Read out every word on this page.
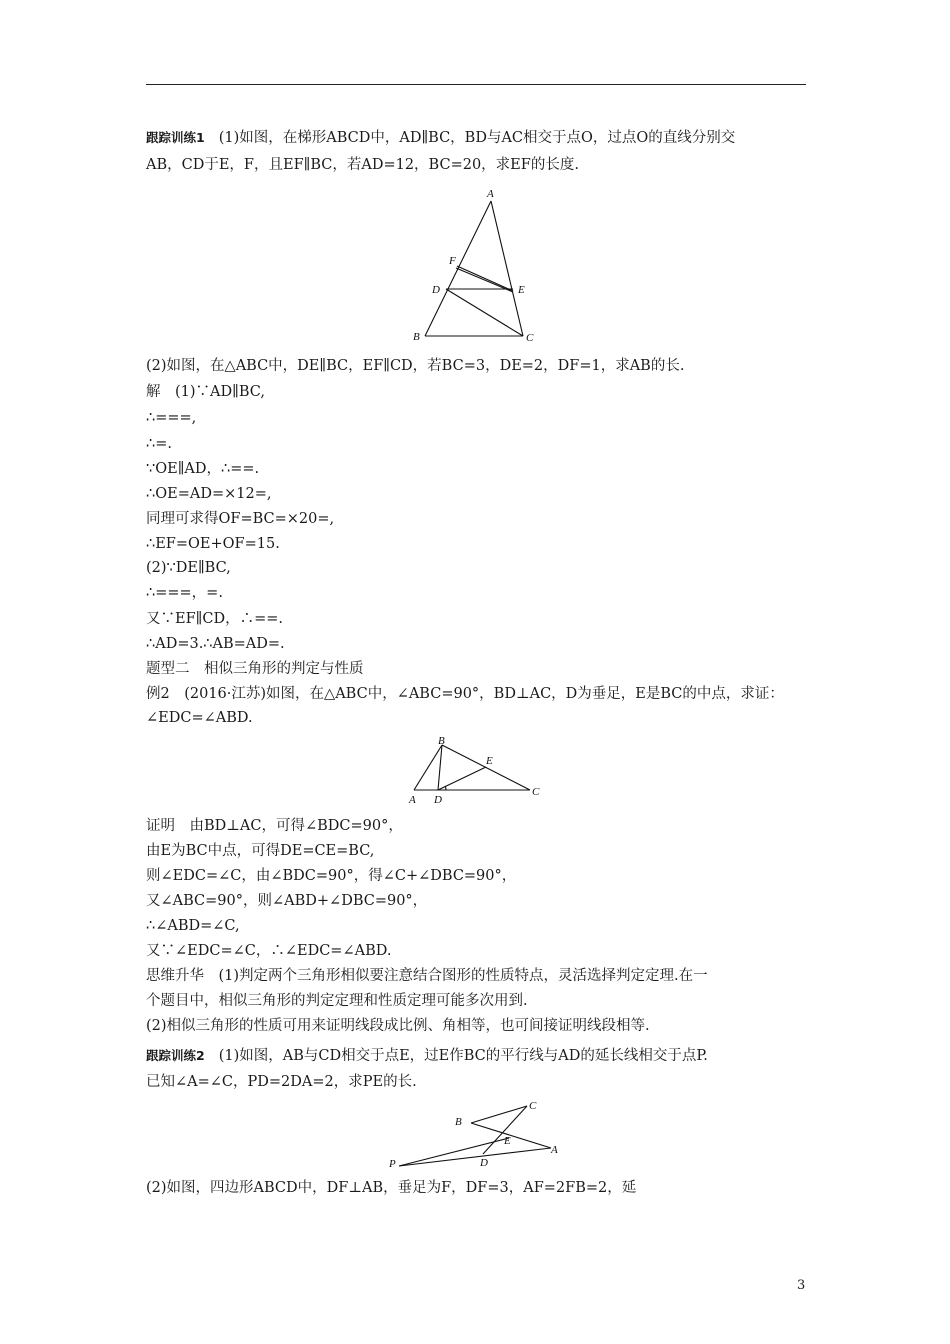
跟踪训练1 (1)如图，在梯形ABCD中，AD∥BC，BD与AC相交于点O，过点O的直线分别交
AB，CD于E，F，且EF∥BC，若AD=12，BC=20，求EF的长度.
A
F
D	E
B	C
(2)如图，在△ABC中，DE∥BC，EF∥CD，若BC=3，DE=2，DF=1，求AB的长.
解　(1)∵AD∥BC,
∴===,
∴=.
∵OE∥AD，∴==.
∴OE=AD=×12=,
同理可求得OF=BC=×20=,
∴EF=OE+OF=15.
(2)∵DE∥BC,
∴===，=.
又∵EF∥CD，∴==.
∴AD=3.∴AB=AD=.
题型二　相似三角形的判定与性质
例2　(2016·江苏)如图，在△ABC中，∠ABC=90°，BD⊥AC，D为垂足，E是BC的中点，求证：
∠EDC=∠ABD.
B
E
A D
C
证明　由BD⊥AC，可得∠BDC=90°，
由E为BC中点，可得DE=CE=BC,
则∠EDC=∠C，由∠BDC=90°，得∠C+∠DBC=90°，
又∠ABC=90°，则∠ABD+∠DBC=90°，
∴∠ABD=∠C,
又∵∠EDC=∠C，∴∠EDC=∠ABD.
思维升华　(1)判定两个三角形相似要注意结合图形的性质特点，灵活选择判定定理.在一
个题目中，相似三角形的判定定理和性质定理可能多次用到.
(2)相似三角形的性质可用来证明线段成比例、角相等，也可间接证明线段相等.
跟踪训练2 (1)如图，AB与CD相交于点E，过E作BC的平行线与AD的延长线相交于点P.
已知∠A=∠C，PD=2DA=2，求PE的长.
C
B
E
A
P	D
(2)如图，四边形ABCD中，DF⊥AB，垂足为F，DF=3，AF=2FB=2，延
3
